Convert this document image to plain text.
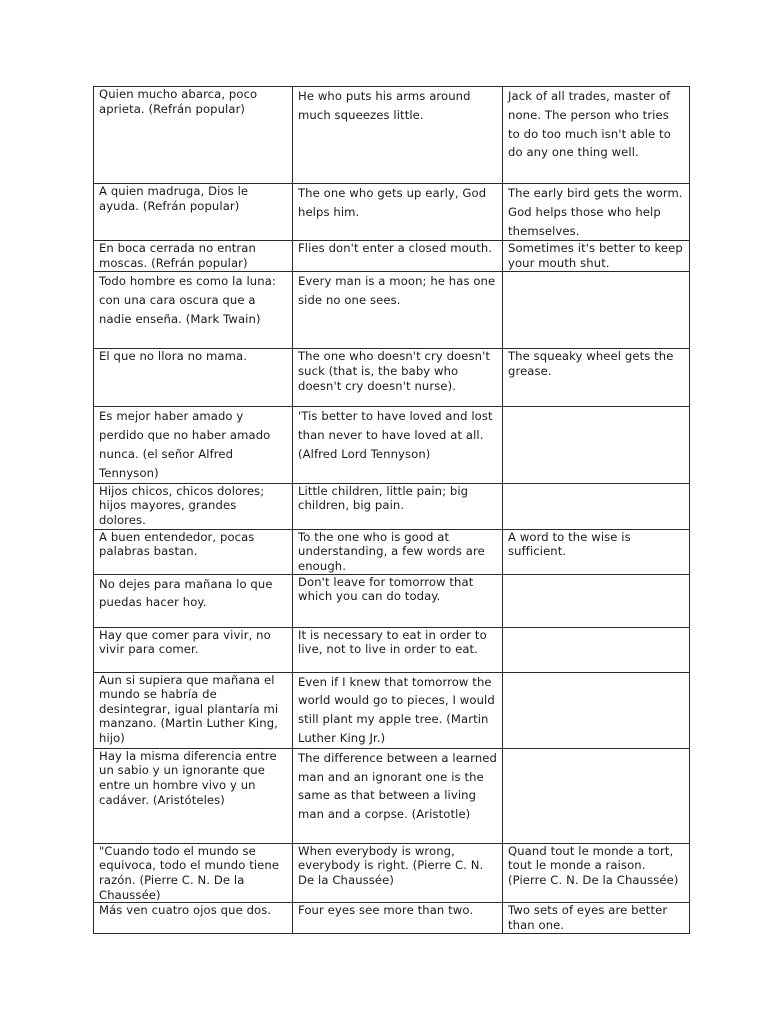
Quien mucho abarca, poco aprieta. (Refrán popular)	He who puts his arms around much squeezes little.	Jack of all trades, master of none. The person who tries to do too much isn't able to do any one thing well.
A quien madruga, Dios le ayuda. (Refrán popular)	The one who gets up early, God helps him.	The early bird gets the worm. God helps those who help themselves.
En boca cerrada no entran moscas. (Refrán popular)	Flies don't enter a closed mouth.	Sometimes it's better to keep your mouth shut.
Todo hombre es como la luna: con una cara oscura que a nadie enseña. (Mark Twain)	Every man is a moon; he has one side no one sees.	
El que no llora no mama.	The one who doesn't cry doesn't suck (that is, the baby who doesn't cry doesn't nurse).	The squeaky wheel gets the grease.
Es mejor haber amado y perdido que no haber amado nunca. (el señor Alfred Tennyson)	'Tis better to have loved and lost than never to have loved at all. (Alfred Lord Tennyson)	
Hijos chicos, chicos dolores; hijos mayores, grandes dolores.	Little children, little pain; big children, big pain.	
A buen entendedor, pocas palabras bastan.	To the one who is good at understanding, a few words are enough.	A word to the wise is sufficient.
No dejes para mañana lo que puedas hacer hoy.	Don't leave for tomorrow that which you can do today.	
Hay que comer para vivir, no vivir para comer.	It is necessary to eat in order to live, not to live in order to eat.	
Aun si supiera que mañana el mundo se habría de desintegrar, igual plantaría mi manzano. (Martin Luther King, hijo)	Even if I knew that tomorrow the world would go to pieces, I would still plant my apple tree. (Martin Luther King Jr.)	
Hay la misma diferencia entre un sabio y un ignorante que entre un hombre vivo y un cadáver. (Aristóteles)	The difference between a learned man and an ignorant one is the same as that between a living man and a corpse. (Aristotle)	
"Cuando todo el mundo se equivoca, todo el mundo tiene razón. (Pierre C. N. De la Chaussée)	When everybody is wrong, everybody is right. (Pierre C. N. De la Chaussée)	Quand tout le monde a tort, tout le monde a raison. (Pierre C. N. De la Chaussée)
Más ven cuatro ojos que dos.	Four eyes see more than two.	Two sets of eyes are better than one.
